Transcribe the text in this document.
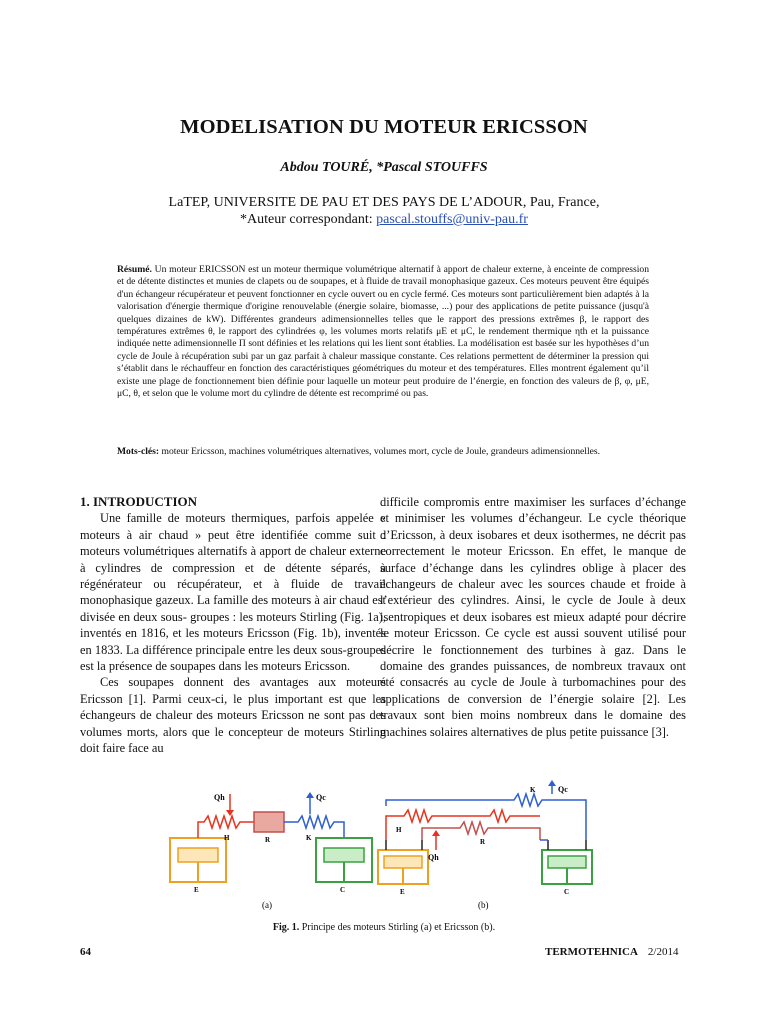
MODELISATION DU MOTEUR ERICSSON
Abdou TOURÉ, *Pascal STOUFFS
LaTEP, UNIVERSITE DE PAU ET DES PAYS DE L’ADOUR, Pau, France,
*Auteur correspondant: pascal.stouffs@univ-pau.fr
Résumé. Un moteur ERICSSON est un moteur thermique volumétrique alternatif à apport de chaleur externe, à enceinte de compression et de détente distinctes et munies de clapets ou de soupapes, et à fluide de travail monophasique gazeux. Ces moteurs peuvent être équipés d'un échangeur récupérateur et peuvent fonctionner en cycle ouvert ou en cycle fermé. Ces moteurs sont particulièrement bien adaptés à la valorisation d'énergie thermique d'origine renouvelable (énergie solaire, biomasse, ...) pour des applications de petite puissance (jusqu'à quelques dizaines de kW). Différentes grandeurs adimensionnelles telles que le rapport des pressions extrêmes β, le rapport des températures extrêmes θ, le rapport des cylindrées φ, les volumes morts relatifs μE et μC, le rendement thermique ηth et la puissance indiquée nette adimensionnelle Π sont définies et les relations qui les lient sont établies. La modélisation est basée sur les hypothèses d’un cycle de Joule à récupération subi par un gaz parfait à chaleur massique constante. Ces relations permettent de déterminer la pression qui s’établit dans le réchauffeur en fonction des caractéristiques géométriques du moteur et des températures. Elles montrent également qu’il existe une plage de fonctionnement bien définie pour laquelle un moteur peut produire de l’énergie, en fonction des valeurs de β, φ, μE, μC, θ, et selon que le volume mort du cylindre de détente est recomprimé ou pas.
Mots-clés: moteur Ericsson, machines volumétriques alternatives, volumes mort, cycle de Joule, grandeurs adimensionnelles.

1. INTRODUCTION

Une famille de moteurs thermiques, parfois appelée « moteurs à air chaud » peut être identifiée comme suit : moteurs volumétriques alternatifs à apport de chaleur externe à cylindres de compression et de détente séparés, à régénérateur ou récupérateur, et à fluide de travail monophasique gazeux. La famille des moteurs à air chaud est divisée en deux sous- groupes : les moteurs Stirling (Fig. 1a), inventés en 1816, et les moteurs Ericsson (Fig. 1b), inventés en 1833. La différence principale entre les deux sous-groupes est la présence de soupapes dans les moteurs Ericsson.

Ces soupapes donnent des avantages aux moteurs Ericsson [1]. Parmi ceux-ci, le plus important est que les échangeurs de chaleur des moteurs Ericsson ne sont pas des volumes morts, alors que le concepteur de moteurs Stirling doit faire face au

difficile compromis entre maximiser les surfaces d’échange et minimiser les volumes d’échangeur. Le cycle théorique d’Ericsson, à deux isobares et deux isothermes, ne décrit pas correctement le moteur Ericsson. En effet, le manque de surface d’échange dans les cylindres oblige à placer des échangeurs de chaleur avec les sources chaude et froide à l’extérieur des cylindres. Ainsi, le cycle de Joule à deux isentropiques et deux isobares est mieux adapté pour décrire le moteur Ericsson. Ce cycle est aussi souvent utilisé pour décrire le fonctionnement des turbines à gaz. Dans le domaine des grandes puissances, de nombreux travaux ont été consacrés au cycle de Joule à turbomachines pour des applications de conversion de l’énergie solaire [2]. Les travaux sont bien moins nombreux dans le domaine des machines solaires alternatives de plus petite puissance [3].

Qh	Qc
H	R	K
E	C
(a)
K	Qc
H
R
Qh
E	C
(b)
Fig. 1. Principe des moteurs Stirling (a) et Ericsson (b).
64	TERMOTEHNICA 2/2014
